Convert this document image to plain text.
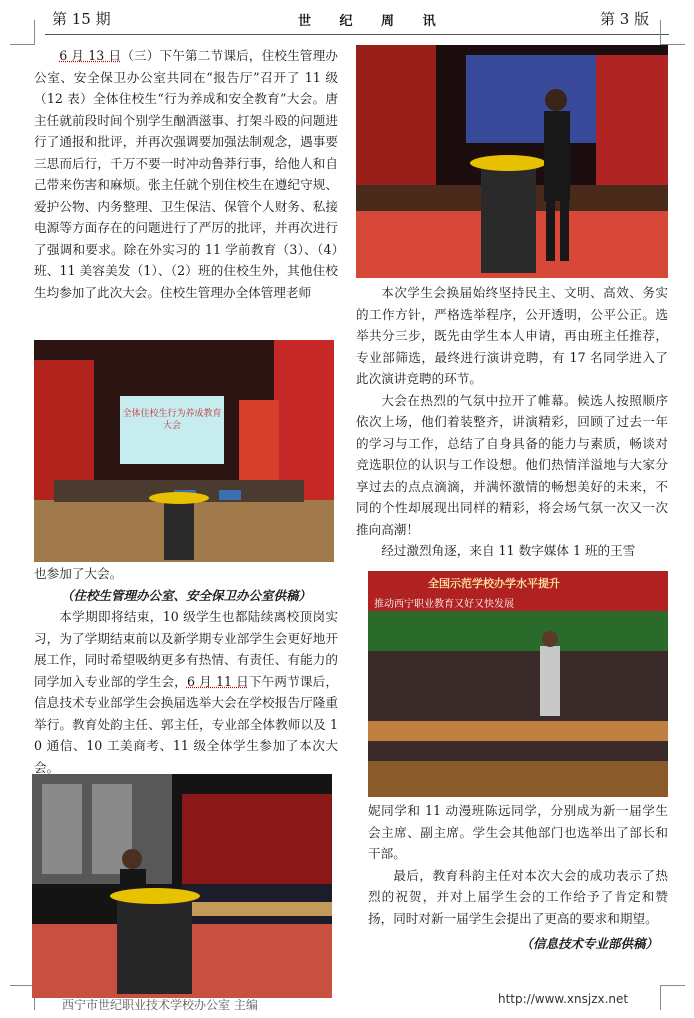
第 15 期	世 纪 周 讯	第 3 版

6 月 13 日（三）下午第二节课后，住校生管理办公室、安全保卫办公室共同在“报告厅”召开了 11 级（12 表）全体住校生“行为养成和安全教育”大会。唐主任就前段时间个别学生酗酒滋事、打架斗殴的问题进行了通报和批评，并再次强调要加强法制观念，遇事要三思而后行，千万不要一时冲动鲁莽行事，给他人和自己带来伤害和麻烦。张主任就个别住校生在遵纪守规、爱护公物、内务整理、卫生保洁、保管个人财务、私接电源等方面存在的问题进行了严厉的批评，并再次进行了强调和要求。除在外实习的 11 学前教育（3）、（4）班、11 美容美发（1）、（2）班的住校生外，其他住校生均参加了此次大会。住校生管理办全体管理老师

全体住校生行为养成教育大会

也参加了大会。

（住校生管理办公室、安全保卫办公室供稿）

本学期即将结束，10 级学生也都陆续离校顶岗实习，为了学期结束前以及新学期专业部学生会更好地开展工作，同时希望吸纳更多有热情、有责任、有能力的同学加入专业部的学生会，6 月 11 日下午两节课后，信息技术专业部学生会换届选举大会在学校报告厅隆重举行。教育处韵主任、郭主任，专业部全体教师以及 10 通信、10 工美商考、11 级全体学生参加了本次大会。

本次学生会换届始终坚持民主、文明、高效、务实的工作方针，严格选举程序，公开透明，公平公正。选举共分三步，既先由学生本人申请，再由班主任推荐，专业部筛选，最终进行演讲竞聘，有 17 名同学进入了此次演讲竞聘的环节。

大会在热烈的气氛中拉开了帷幕。候选人按照顺序依次上场，他们着装整齐，讲演精彩，回顾了过去一年的学习与工作，总结了自身具备的能力与素质，畅谈对竞选职位的认识与工作设想。他们热情洋溢地与大家分享过去的点点滴滴，并满怀激情的畅想美好的未来，不同的个性却展现出同样的精彩，将会场气氛一次又一次推向高潮！

经过激烈角逐，来自 11 数字媒体 1 班的王雪

全国示范学校办学水平提升
推动西宁职业教育又好又快发展

妮同学和 11 动漫班陈远同学，分别成为新一届学生会主席、副主席。学生会其他部门也选举出了部长和干部。

最后，教育科韵主任对本次大会的成功表示了热烈的祝贺，并对上届学生会的工作给予了肯定和赞扬，同时对新一届学生会提出了更高的要求和期望。

（信息技术专业部供稿）

西宁市世纪职业技术学校办公室 主编	http://www.xnsjzx.net
